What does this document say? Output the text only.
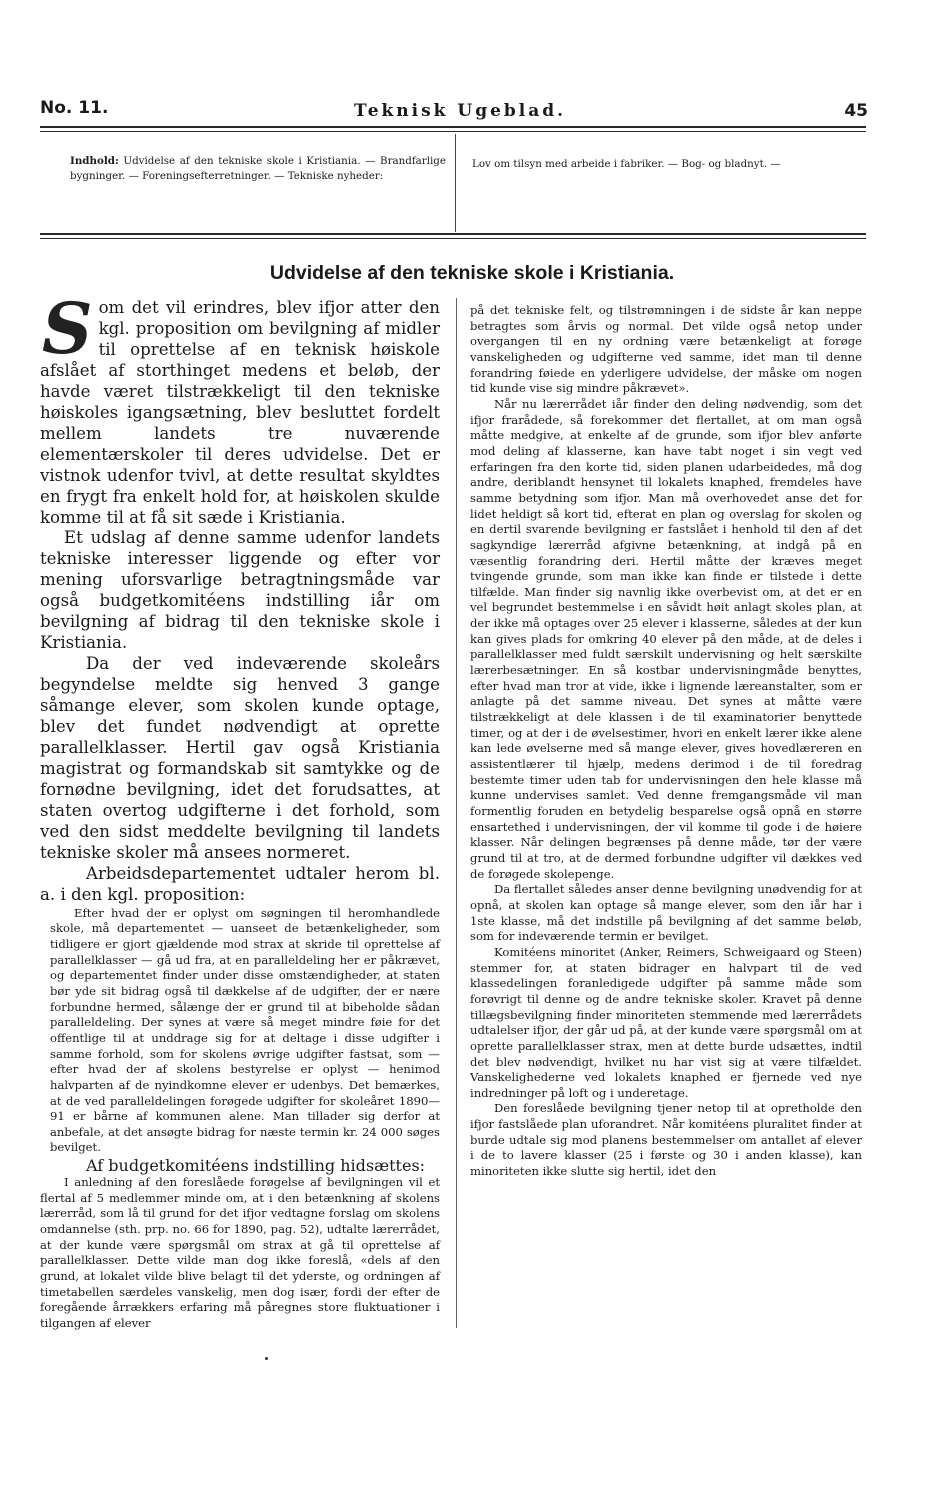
No. 11.	Teknisk Ugeblad.	45
Indhold: Udvidelse af den tekniske skole i Kristiania. — Brandfarlige bygninger. — Foreningsefterretninger. — Tekniske nyheder:
Lov om tilsyn med arbeide i fabriker. — Bog- og bladnyt. —
Udvidelse af den tekniske skole i Kristiania.

Som det vil erindres, blev ifjor atter den kgl. proposition om bevilgning af midler til oprettelse af en teknisk høiskole afslået af storthinget medens et beløb, der havde været tilstrækkeligt til den tekniske høiskoles igangsætning, blev besluttet fordelt mellem landets tre nuværende elementærskoler til deres udvidelse. Det er vistnok udenfor tvivl, at dette resultat skyldtes en frygt fra enkelt hold for, at høiskolen skulde komme til at få sit sæde i Kristiania.

Et udslag af denne samme udenfor landets tekniske interesser liggende og efter vor mening uforsvarlige betragtningsmåde var også budgetkomitéens indstilling iår om bevilgning af bidrag til den tekniske skole i Kristiania.

Da der ved indeværende skoleårs begyndelse meldte sig henved 3 gange såmange elever, som skolen kunde optage, blev det fundet nødvendigt at oprette parallelklasser. Hertil gav også Kristiania magistrat og formandskab sit samtykke og de fornødne bevilgning, idet det forudsattes, at staten overtog udgifterne i det forhold, som ved den sidst meddelte bevilgning til landets tekniske skoler må ansees normeret.

Arbeidsdepartementet udtaler herom bl. a. i den kgl. proposition:

Efter hvad der er oplyst om søgningen til heromhandlede skole, må departementet — uanseet de betænkeligheder, som tidligere er gjort gjældende mod strax at skride til oprettelse af parallelklasser — gå ud fra, at en paralleldeling her er påkrævet, og departementet finder under disse omstændigheder, at staten bør yde sit bidrag også til dækkelse af de udgifter, der er nære forbundne hermed, sålænge der er grund til at bibeholde sådan paralleldeling. Der synes at være så meget mindre føie for det offentlige til at unddrage sig for at deltage i disse udgifter i samme forhold, som for skolens øvrige udgifter fastsat, som — efter hvad der af skolens bestyrelse er oplyst — henimod halvparten af de nyindkomne elever er udenbys. Det bemærkes, at de ved paralleldelingen forøgede udgifter for skoleåret 1890—91 er bårne af kommunen alene. Man tillader sig derfor at anbefale, at det ansøgte bidrag for næste termin kr. 24 000 søges bevilget.

Af budgetkomitéens indstilling hidsættes:

I anledning af den foreslåede forøgelse af bevilgningen vil et flertal af 5 medlemmer minde om, at i den betænkning af skolens lærerråd, som lå til grund for det ifjor vedtagne forslag om skolens omdannelse (sth. prp. no. 66 for 1890, pag. 52), udtalte lærerrådet, at der kunde være spørgsmål om strax at gå til oprettelse af parallelklasser. Dette vilde man dog ikke foreslå, «dels af den grund, at lokalet vilde blive belagt til det yderste, og ordningen af timetabellen særdeles vanskelig, men dog især, fordi der efter de foregående årrækkers erfaring må påregnes store fluktuationer i tilgangen af elever

på det tekniske felt, og tilstrømningen i de sidste år kan neppe betragtes som årvis og normal. Det vilde også netop under overgangen til en ny ordning være betænkeligt at forøge vanskeligheden og udgifterne ved samme, idet man til denne forandring føiede en yderligere udvidelse, der måske om nogen tid kunde vise sig mindre påkrævet».

Når nu lærerrådet iår finder den deling nødvendig, som det ifjor frarådede, så forekommer det flertallet, at om man også måtte medgive, at enkelte af de grunde, som ifjor blev anførte mod deling af klasserne, kan have tabt noget i sin vegt ved erfaringen fra den korte tid, siden planen udarbeidedes, må dog andre, deriblandt hensynet til lokalets knaphed, fremdeles have samme betydning som ifjor. Man må overhovedet anse det for lidet heldigt så kort tid, efterat en plan og overslag for skolen og en dertil svarende bevilgning er fastslået i henhold til den af det sagkyndige lærerråd afgivne betænkning, at indgå på en væsentlig forandring deri. Hertil måtte der kræves meget tvingende grunde, som man ikke kan finde er tilstede i dette tilfælde. Man finder sig navnlig ikke overbevist om, at det er en vel begrundet bestemmelse i en såvidt høit anlagt skoles plan, at der ikke må optages over 25 elever i klasserne, således at der kun kan gives plads for omkring 40 elever på den måde, at de deles i parallelklasser med fuldt særskilt undervisning og helt særskilte lærerbesætninger. En så kostbar undervisningmåde benyttes, efter hvad man tror at vide, ikke i lignende læreanstalter, som er anlagte på det samme niveau. Det synes at måtte være tilstrækkeligt at dele klassen i de til examinatorier benyttede timer, og at der i de øvelsestimer, hvori en enkelt lærer ikke alene kan lede øvelserne med så mange elever, gives hovedlæreren en assistentlærer til hjælp, medens derimod i de til foredrag bestemte timer uden tab for undervisningen den hele klasse må kunne undervises samlet. Ved denne fremgangsmåde vil man formentlig foruden en betydelig besparelse også opnå en større ensartethed i undervisningen, der vil komme til gode i de høiere klasser. Når delingen begrænses på denne måde, tør der være grund til at tro, at de dermed forbundne udgifter vil dækkes ved de forøgede skolepenge.

Da flertallet således anser denne bevilgning unødvendig for at opnå, at skolen kan optage så mange elever, som den iår har i 1ste klasse, må det indstille på bevilgning af det samme beløb, som for indeværende termin er bevilget.

Komitéens minoritet (Anker, Reimers, Schweigaard og Steen) stemmer for, at staten bidrager en halvpart til de ved klassedelingen foranledigede udgifter på samme måde som forøvrigt til denne og de andre tekniske skoler. Kravet på denne tillægsbevilgning finder minoriteten stemmende med lærerrådets udtalelser ifjor, der går ud på, at der kunde være spørgsmål om at oprette parallelklasser strax, men at dette burde udsættes, indtil det blev nødvendigt, hvilket nu har vist sig at være tilfældet. Vanskelighederne ved lokalets knaphed er fjernede ved nye indredninger på loft og i underetage.

Den foreslåede bevilgning tjener netop til at opretholde den ifjor fastslåede plan uforandret. Når komitéens pluralitet finder at burde udtale sig mod planens bestemmelser om antallet af elever i de to lavere klasser (25 i første og 30 i anden klasse), kan minoriteten ikke slutte sig hertil, idet den
